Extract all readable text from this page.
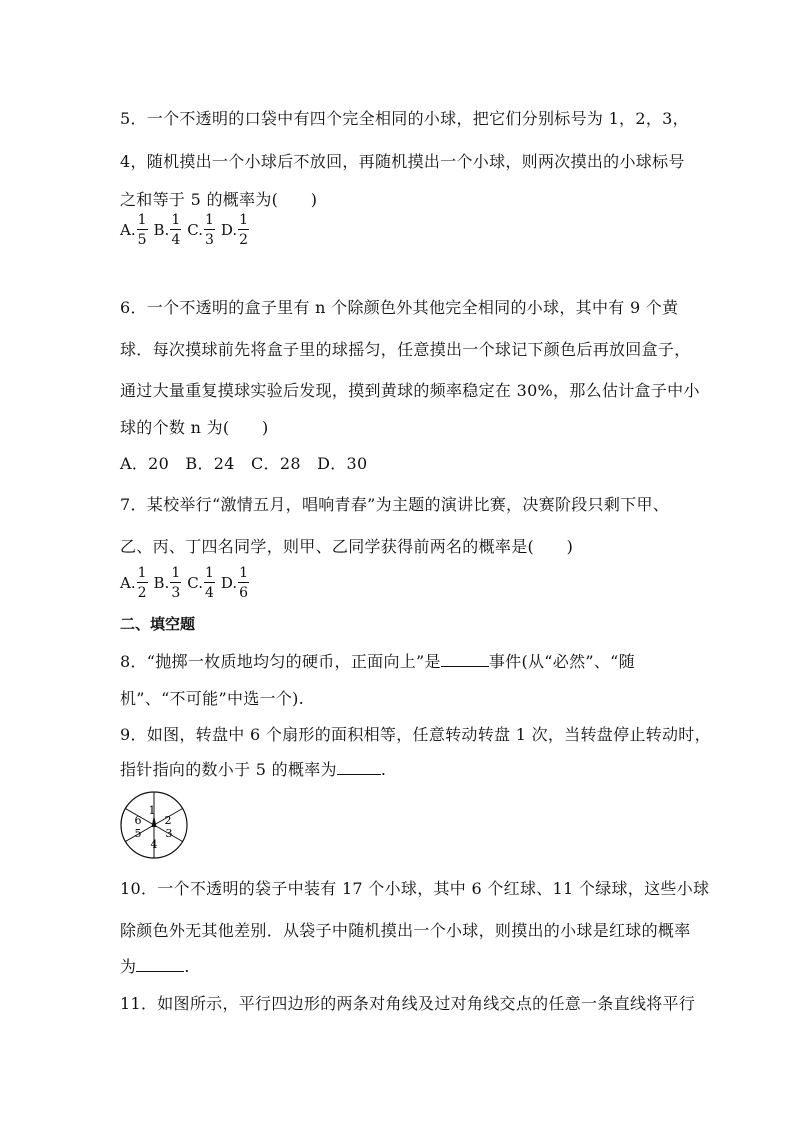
5．一个不透明的口袋中有四个完全相同的小球，把它们分别标号为 1，2，3，
4，随机摸出一个小球后不放回，再随机摸出一个小球，则两次摸出的小球标号
之和等于 5 的概率为(　　)
A. $\frac{1}{5} B$. $\frac{1}{4} C$. $\frac{1}{3} D$. $\frac{1}{2}$
6．一个不透明的盒子里有 n 个除颜色外其他完全相同的小球，其中有 9 个黄
球．每次摸球前先将盒子里的球摇匀，任意摸出一个球记下颜色后再放回盒子，
通过大量重复摸球实验后发现，摸到黄球的频率稳定在 30%，那么估计盒子中小
球的个数 n 为(　　)
A．20　B．24　C．28　D．30
7．某校举行“激情五月，唱响青春”为主题的演讲比赛，决赛阶段只剩下甲、
乙、丙、丁四名同学，则甲、乙同学获得前两名的概率是(　　)
A. $\frac{1}{2} B$. $\frac{1}{3} C$. $\frac{1}{4} D$. $\frac{1}{6}$
二、填空题
8．“抛掷一枚质地均匀的硬币，正面向上”是	事件(从“必然”、“随
机”、“不可能”中选一个).
9．如图，转盘中 6 个扇形的面积相等，任意转动转盘 1 次，当转盘停止转动时，
指针指向的数小于 5 的概率为	.
1
2
3
4
5
6
10．一个不透明的袋子中装有 17 个小球，其中 6 个红球、11 个绿球，这些小球
除颜色外无其他差别．从袋子中随机摸出一个小球，则摸出的小球是红球的概率
为	.
11．如图所示，平行四边形的两条对角线及过对角线交点的任意一条直线将平行
